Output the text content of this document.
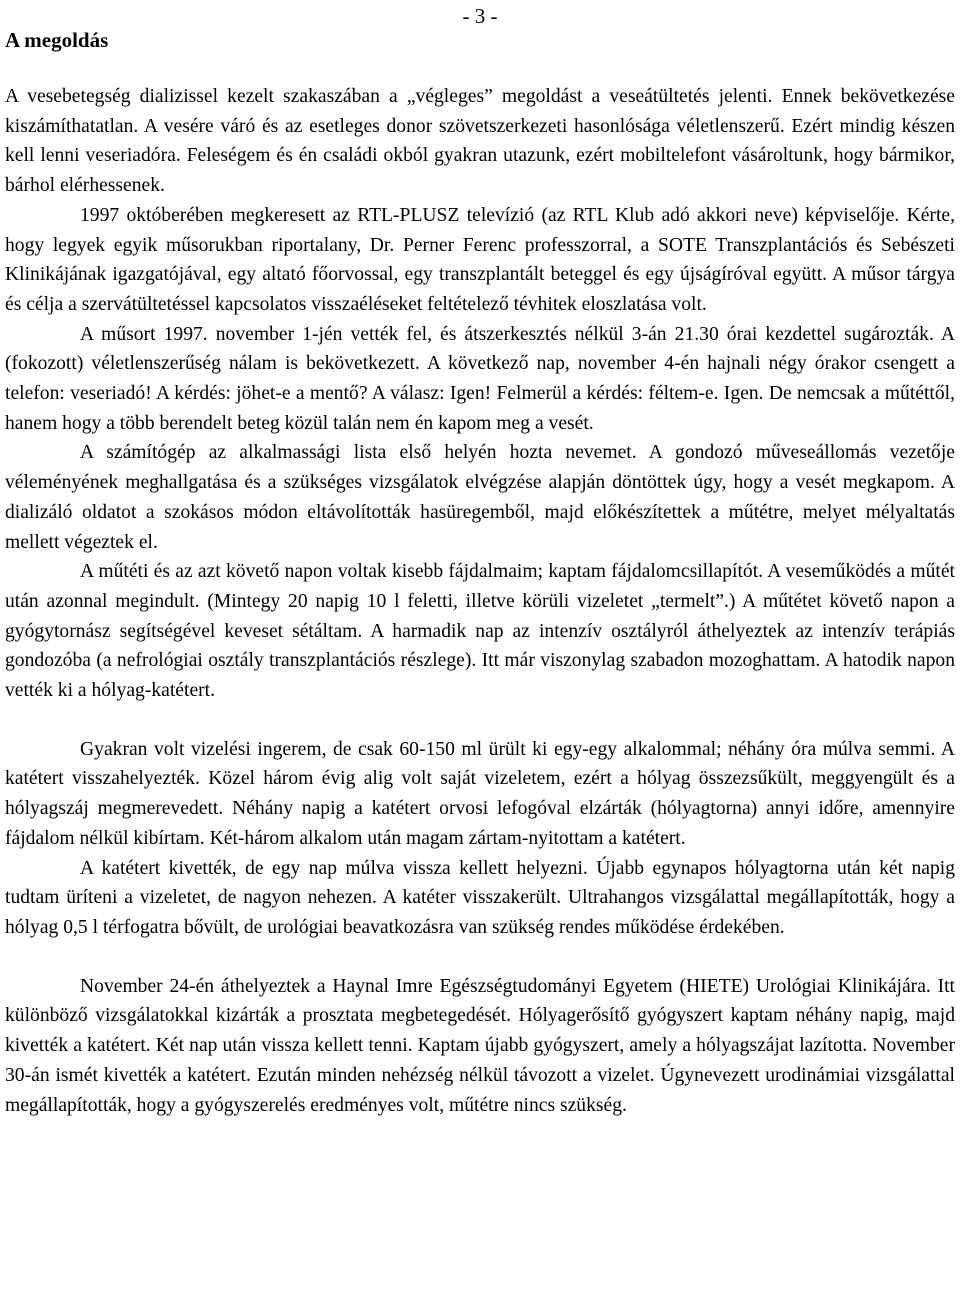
- 3 -
A megoldás

A vesebetegség dializissel kezelt szakaszában a „végleges” megoldást a veseátültetés jelenti. Ennek bekövetkezése kiszámíthatatlan. A vesére váró és az esetleges donor szövetszerkezeti hasonlósága véletlenszerű. Ezért mindig készen kell lenni veseriadóra. Feleségem és én családi okból gyakran utazunk, ezért mobiltelefont vásároltunk, hogy bármikor, bárhol elérhessenek.

1997 októberében megkeresett az RTL-PLUSZ televízió (az RTL Klub adó akkori neve) képviselője. Kérte, hogy legyek egyik műsorukban riportalany, Dr. Perner Ferenc professzorral, a SOTE Transzplantációs és Sebészeti Klinikájának igazgatójával, egy altató főorvossal, egy transzplantált beteggel és egy újságíróval együtt. A műsor tárgya és célja a szervátültetéssel kapcsolatos visszaéléseket feltételező tévhitek eloszlatása volt.

A műsort 1997. november 1-jén vették fel, és átszerkesztés nélkül 3-án 21.30 órai kezdettel sugározták. A (fokozott) véletlenszerűség nálam is bekövetkezett. A következő nap, november 4-én hajnali négy órakor csengett a telefon: veseriadó! A kérdés: jöhet-e a mentő? A válasz: Igen! Felmerül a kérdés: féltem-e. Igen. De nemcsak a műtéttől, hanem hogy a több berendelt beteg közül talán nem én kapom meg a vesét.

A számítógép az alkalmassági lista első helyén hozta nevemet. A gondozó műveseállomás vezetője véleményének meghallgatása és a szükséges vizsgálatok elvégzése alapján döntöttek úgy, hogy a vesét megkapom. A dializáló oldatot a szokásos módon eltávolították hasüregemből, majd előkészítettek a műtétre, melyet mélyaltatás mellett végeztek el.

A műtéti és az azt követő napon voltak kisebb fájdalmaim; kaptam fájdalomcsillapítót. A veseműködés a műtét után azonnal megindult. (Mintegy 20 napig 10 l feletti, illetve körüli vizeletet „termelt”.) A műtétet követő napon a gyógytornász segítségével keveset sétáltam. A harmadik nap az intenzív osztályról áthelyeztek az intenzív terápiás gondozóba (a nefrológiai osztály transzplantációs részlege). Itt már viszonylag szabadon mozoghattam. A hatodik napon vették ki a hólyag-katétert.

Gyakran volt vizelési ingerem, de csak 60-150 ml ürült ki egy-egy alkalommal; néhány óra múlva semmi. A katétert visszahelyezték. Közel három évig alig volt saját vizeletem, ezért a hólyag összezsűkült, meggyengült és a hólyagszáj megmerevedett. Néhány napig a katétert orvosi lefogóval elzárták (hólyagtorna) annyi időre, amennyire fájdalom nélkül kibírtam. Két-három alkalom után magam zártam-nyitottam a katétert.

A katétert kivették, de egy nap múlva vissza kellett helyezni. Újabb egynapos hólyagtorna után két napig tudtam üríteni a vizeletet, de nagyon nehezen. A katéter visszakerült. Ultrahangos vizsgálattal megállapították, hogy a hólyag 0,5 l térfogatra bővült, de urológiai beavatkozásra van szükség rendes működése érdekében.

November 24-én áthelyeztek a Haynal Imre Egészségtudományi Egyetem (HIETE) Urológiai Klinikájára. Itt különböző vizsgálatokkal kizárták a prosztata megbetegedését. Hólyagerősítő gyógyszert kaptam néhány napig, majd kivették a katétert. Két nap után vissza kellett tenni. Kaptam újabb gyógyszert, amely a hólyagszájat lazította. November 30-án ismét kivették a katétert. Ezután minden nehézség nélkül távozott a vizelet. Úgynevezett urodinámiai vizsgálattal megállapították, hogy a gyógyszerelés eredményes volt, műtétre nincs szükség.
